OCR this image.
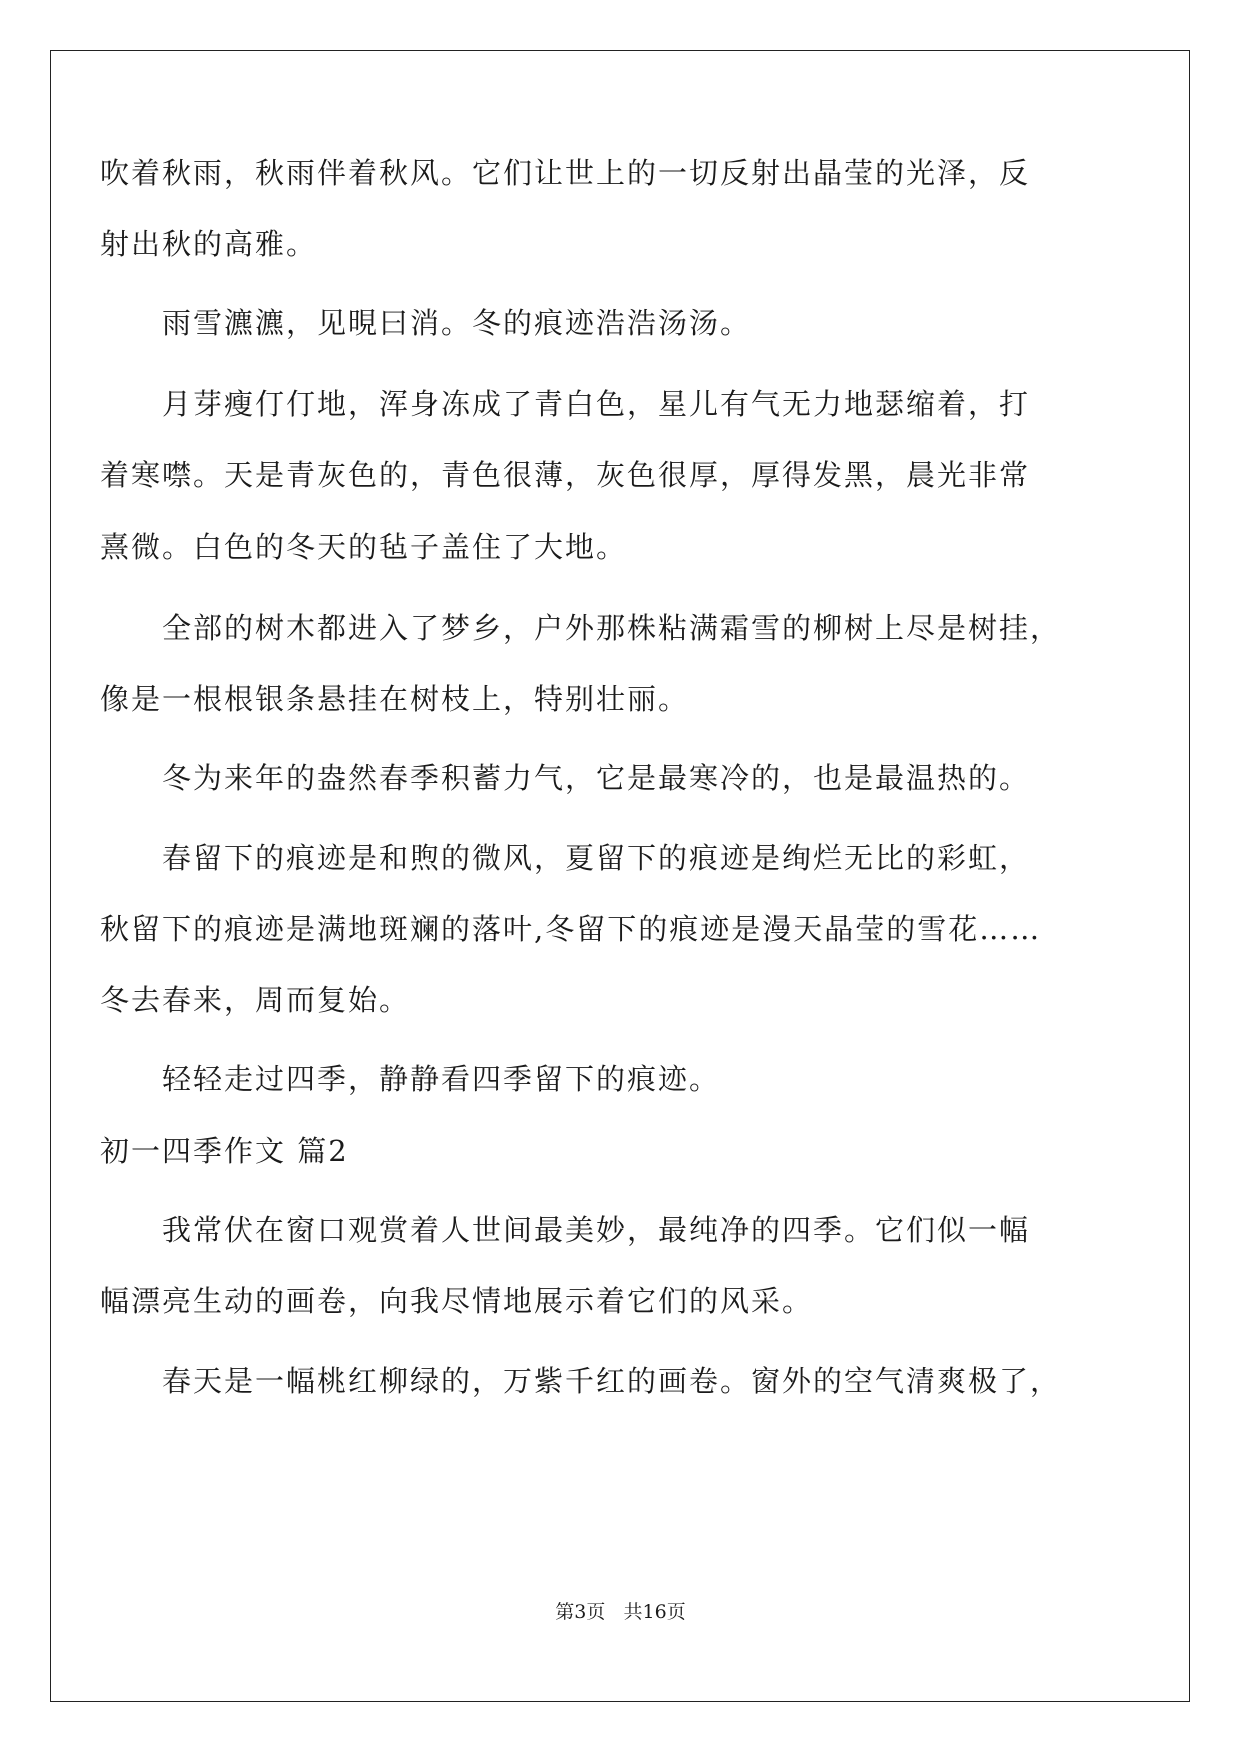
吹着秋雨，秋雨伴着秋风。它们让世上的一切反射出晶莹的光泽，反
射出秋的高雅。
雨雪瀌瀌，见晛曰消。冬的痕迹浩浩汤汤。
月芽瘦仃仃地，浑身冻成了青白色，星儿有气无力地瑟缩着，打
着寒噤。天是青灰色的，青色很薄，灰色很厚，厚得发黑，晨光非常
熹微。白色的冬天的毡子盖住了大地。
全部的树木都进入了梦乡，户外那株粘满霜雪的柳树上尽是树挂，
像是一根根银条悬挂在树枝上，特别壮丽。
冬为来年的盎然春季积蓄力气，它是最寒冷的，也是最温热的。
春留下的痕迹是和煦的微风，夏留下的痕迹是绚烂无比的彩虹，
秋留下的痕迹是满地斑斓的落叶,冬留下的痕迹是漫天晶莹的雪花……
冬去春来，周而复始。
轻轻走过四季，静静看四季留下的痕迹。
初一四季作文 篇2
我常伏在窗口观赏着人世间最美妙，最纯净的四季。它们似一幅
幅漂亮生动的画卷，向我尽情地展示着它们的风采。
春天是一幅桃红柳绿的，万紫千红的画卷。窗外的空气清爽极了，
第3页 共16页
